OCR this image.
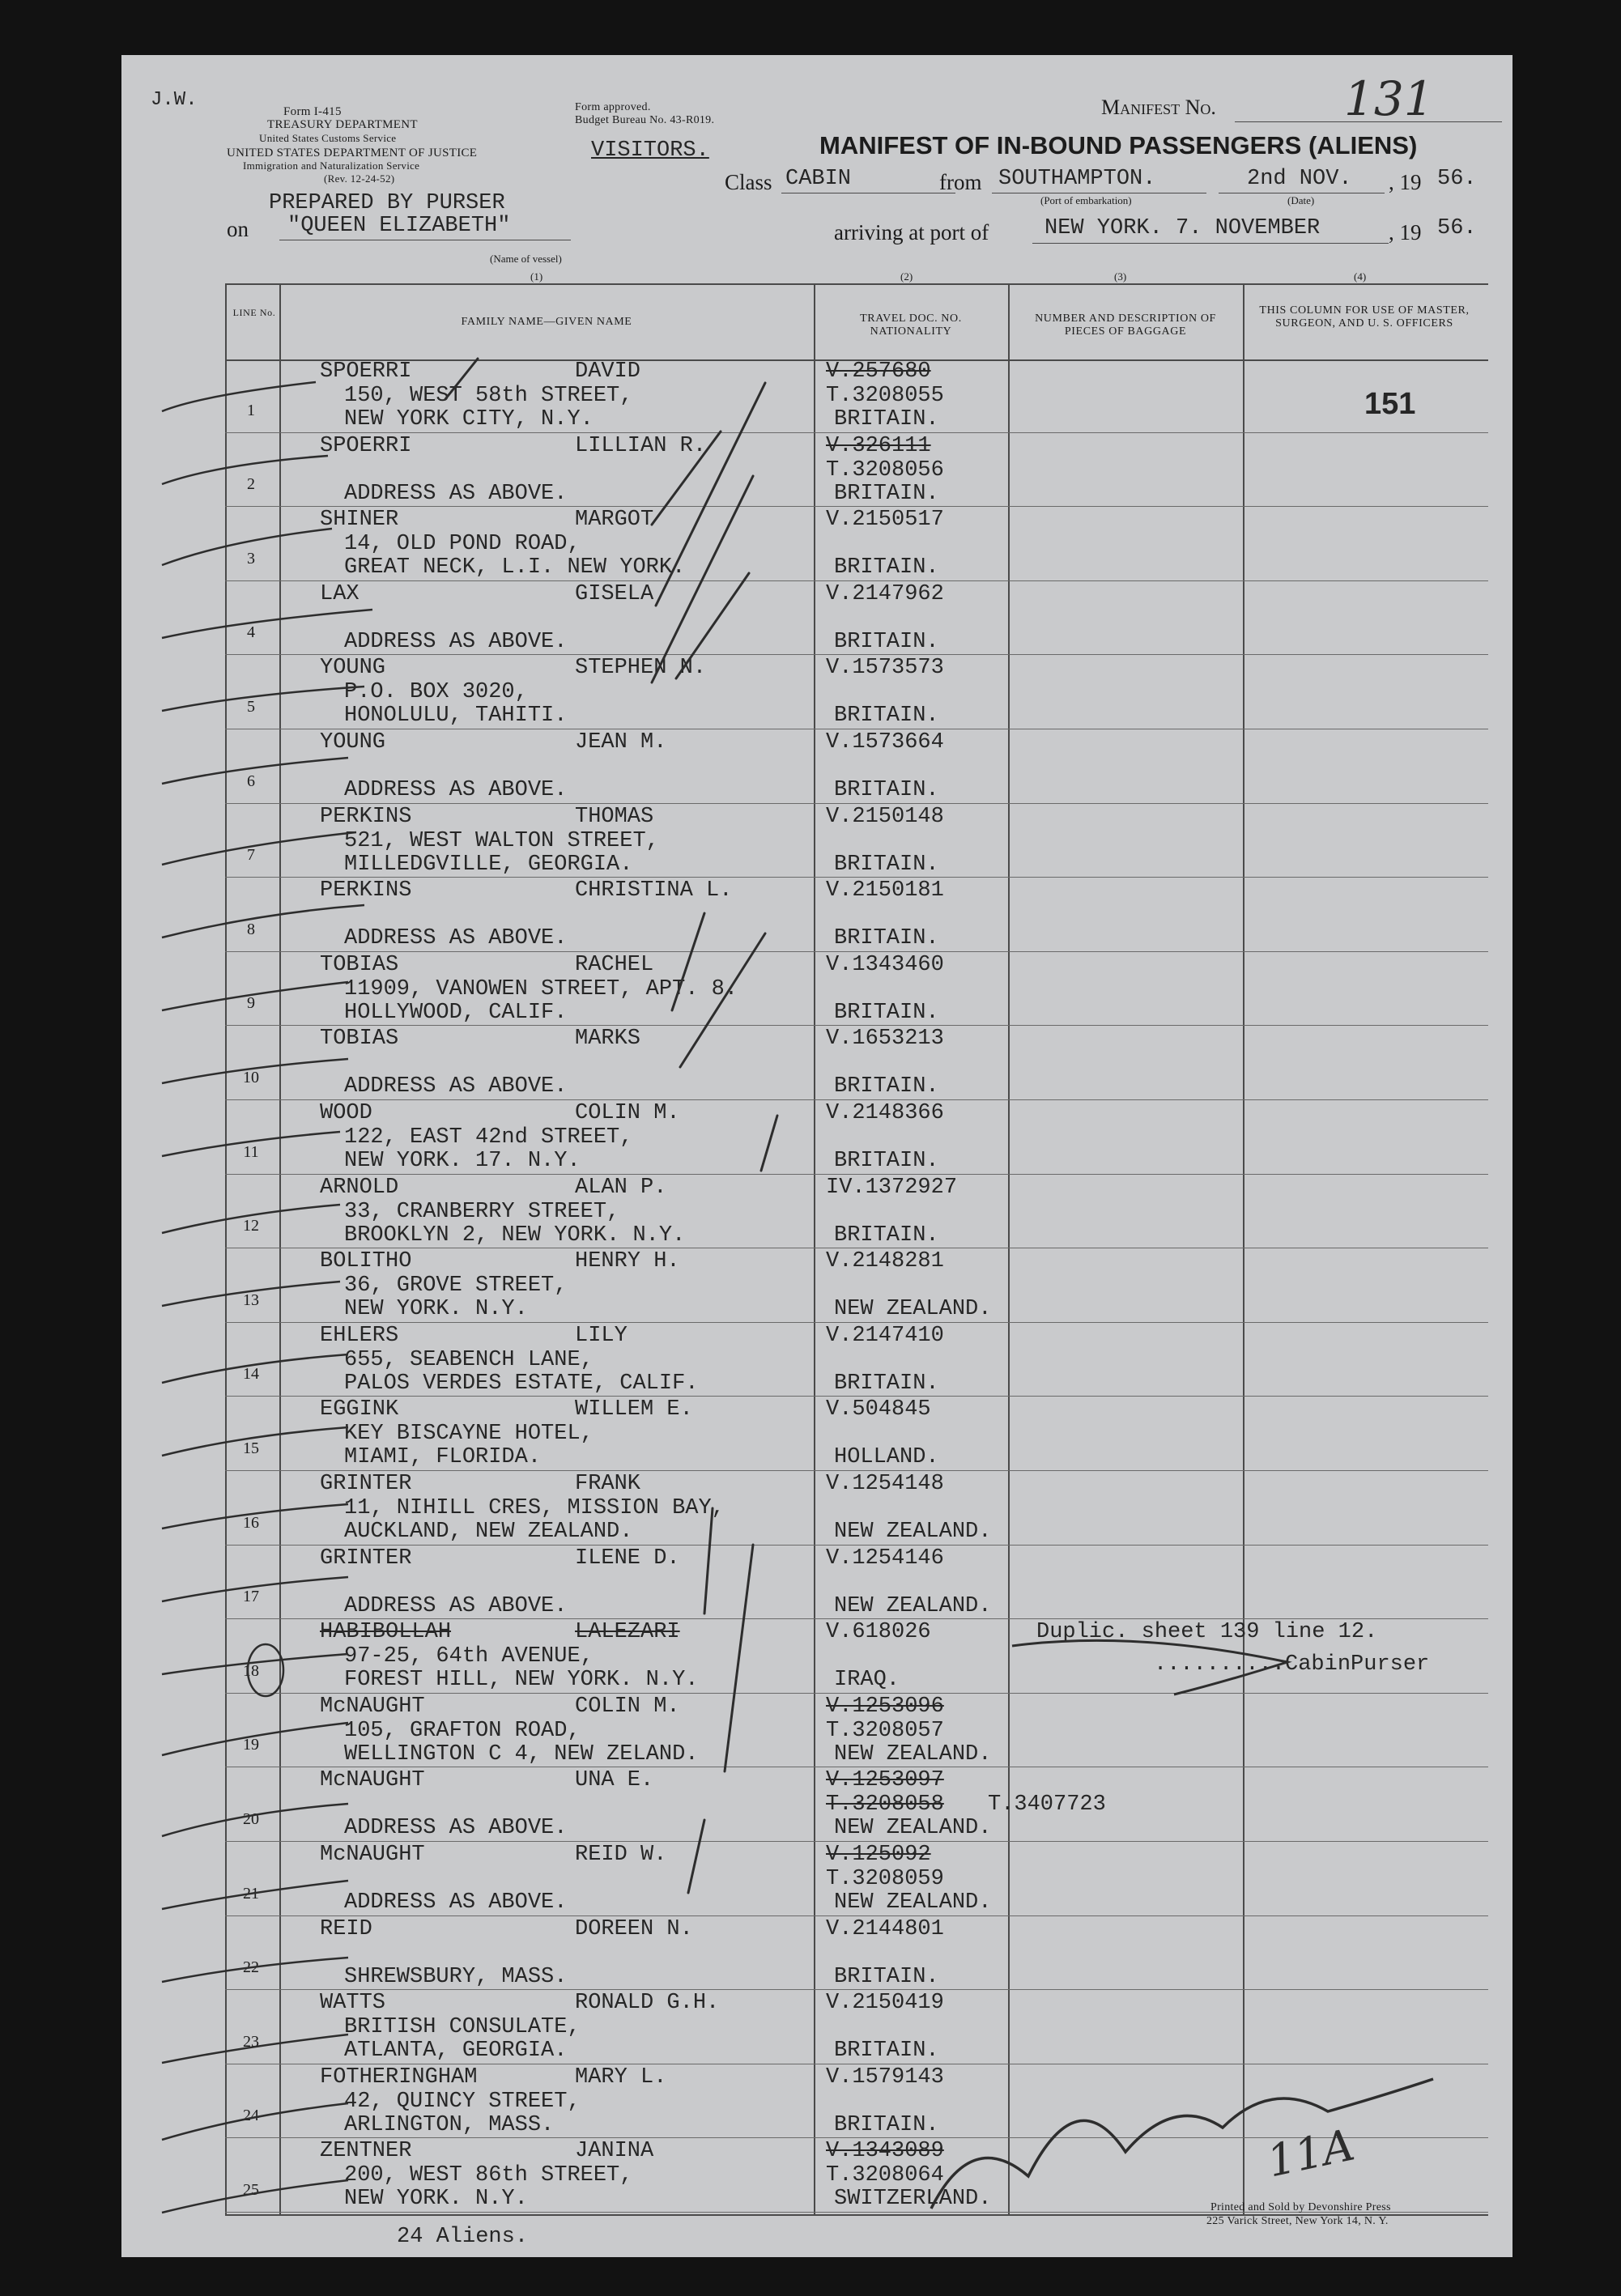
J.W.
Form I-415
TREASURY DEPARTMENT
United States Customs Service
UNITED STATES DEPARTMENT OF JUSTICE
Immigration and Naturalization Service
(Rev. 12-24-52)
Form approved.
Budget Bureau No. 43-R019.
Manifest No.	131
VISITORS.	MANIFEST OF IN-BOUND PASSENGERS (ALIENS)
Class CABIN	from SOUTHAMPTON.
(Port of embarkation)
2nd NOV.
(Date)
, 19 56.
PREPARED BY PURSER
on "QUEEN ELIZABETH"
(Name of vessel)
arriving at port of	NEW YORK. 7. NOVEMBER	, 19 56.
(1)	(2)	(3)	(4)
LINE No.
FAMILY NAME—GIVEN NAME	TRAVEL DOC. NO. NATIONALITY
NUMBER AND DESCRIPTION OF PIECES OF BAGGAGE
THIS COLUMN FOR USE OF MASTER, SURGEON, AND U. S. OFFICERS
151
1
SPOERRI	DAVID
150, WEST 58th STREET,
NEW YORK CITY, N.Y.
V.257680
T.3208055
BRITAIN.
2
SPOERRI	LILLIAN R.
ADDRESS AS ABOVE.
V.326111
T.3208056
BRITAIN.
3
SHINER	MARGOT
14, OLD POND ROAD,
GREAT NECK, L.I. NEW YORK.
V.2150517
BRITAIN.
4
LAX	GISELA
ADDRESS AS ABOVE.
V.2147962
BRITAIN.
5
YOUNG	STEPHEN N.
P.O. BOX 3020,
HONOLULU, TAHITI.
V.1573573
BRITAIN.
6
YOUNG	JEAN M.
ADDRESS AS ABOVE.
V.1573664
BRITAIN.
7
PERKINS	THOMAS
521, WEST WALTON STREET,
MILLEDGVILLE, GEORGIA.
V.2150148
BRITAIN.
8
PERKINS	CHRISTINA L.
ADDRESS AS ABOVE.
V.2150181
BRITAIN.
9
TOBIAS	RACHEL
11909, VANOWEN STREET, APT. 8.
HOLLYWOOD, CALIF.
V.1343460
BRITAIN.
10
TOBIAS	MARKS
ADDRESS AS ABOVE.
V.1653213
BRITAIN.
11
WOOD	COLIN M.
122, EAST 42nd STREET,
NEW YORK. 17. N.Y.
V.2148366
BRITAIN.
12
ARNOLD	ALAN P.
33, CRANBERRY STREET,
BROOKLYN 2, NEW YORK. N.Y.
IV.1372927
BRITAIN.
13
BOLITHO	HENRY H.
36, GROVE STREET,
NEW YORK. N.Y.
V.2148281
NEW ZEALAND.
14
EHLERS	LILY
655, SEABENCH LANE,
PALOS VERDES ESTATE, CALIF.
V.2147410
BRITAIN.
15
EGGINK	WILLEM E.
KEY BISCAYNE HOTEL,
MIAMI, FLORIDA.
V.504845
HOLLAND.
16
GRINTER	FRANK
11, NIHILL CRES, MISSION BAY,
AUCKLAND, NEW ZEALAND.
V.1254148
NEW ZEALAND.
17
GRINTER	ILENE D.
ADDRESS AS ABOVE.
V.1254146
NEW ZEALAND.
18
HABIBOLLAH	LALEZARI
97-25, 64th AVENUE,
FOREST HILL, NEW YORK. N.Y.
V.618026
IRAQ.
Duplic. sheet 139 line 12.
..........CabinPurser
19
McNAUGHT	COLIN M.
105, GRAFTON ROAD,
WELLINGTON C 4, NEW ZELAND.
V.1253096
T.3208057
NEW ZEALAND.
20
McNAUGHT	UNA E.
ADDRESS AS ABOVE.
V.1253097
T.3208058 T.3407723
NEW ZEALAND.
21
McNAUGHT	REID W.
ADDRESS AS ABOVE.
V.125092
T.3208059
NEW ZEALAND.
22
REID	DOREEN N.
SHREWSBURY, MASS.
V.2144801
BRITAIN.
23
WATTS	RONALD G.H.
BRITISH CONSULATE,
ATLANTA, GEORGIA.
V.2150419
BRITAIN.
24
FOTHERINGHAM	MARY L.
42, QUINCY STREET,
ARLINGTON, MASS.
V.1579143
BRITAIN.
25
ZENTNER	JANINA
200, WEST 86th STREET,
NEW YORK. N.Y.
V.1343089
T.3208064
SWITZERLAND.
24 Aliens.
Printed and Sold by Devonshire Press
225 Varick Street, New York 14, N. Y.
11A
